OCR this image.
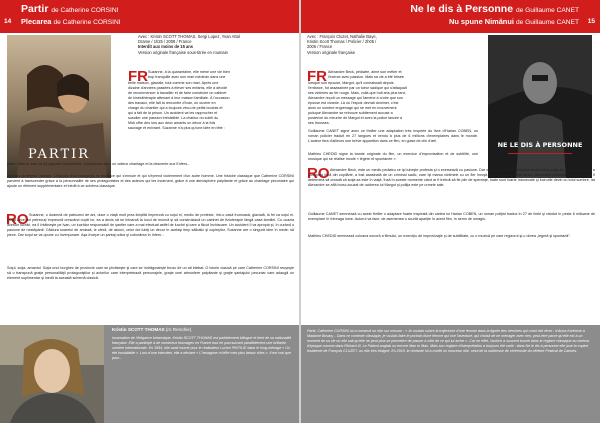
14
Partir de Catherine CORSINI
Plecarea de Catherine CORSINI
PARTIR
Avec : Kristin SCOTT THOMAS, Sergi Lopez, Yvan Attal
Drame / 1h25 / 2008 / France
Interdit aux moins de 15 ans
Version originale française sous-titrée en roumain
FR Suzanne, à la quarantaine, elle mène une vie bien
trop tranquille avec son mari médecin dans une
belle maison, glaciale, tout comme son mari. Après une
dizaine d'années passées à élever ses enfants, elle a décidé
de recommencer à travailler et de faire construire un cabinet
de kinésithérapie attenant à leur maison familiale. À l'occasion
des travaux, elle fait la rencontre d'Ivan, un ouvrier en
charge du chantier qui a toujours vécu de petits boulots et
qui a fait de la prison. Un accident va les rapprocher et
susciter une passion irrésistible. La chaleur du soleil du
Midi offre des lors aux deux amants un décor à la fois
sauvage et enivrant. Suzanne n'a plus qu'une idée en tête :
partir. Mais le mari va s'y opposer férocement. Commence alors un odieux chantage et la descente aux Enfers...
Le mari, la femme, l'amant. L'épouse d'un bourgeois de province qui s'ennuie et qui s'éprend violemment d'un autre homme. Une histoire classique que Catherine CORSINI parvient à transcender grâce à la personnalité de ses protagonistes et des acteurs qui les incarnent, grâce à une atmosphère palpitante et grâce au chantage pécuniaire qui ajoute un élément supplémentaire et inédit à ce schéma classique.
RO Suzanne, o doamnă de patruzeci de ani, duce o viaţă mult prea liniştită împreună cu soţul ei, medic de profesie, într-o casă frumoasă, glacială, la fel ca soţul ei. După zece ani petrecuţi împreună crescând copiii lor, ea a decis să se întoarcă la locul de muncă şi să construiască un cabinet de fizioterapie lângă casa familiei. Cu ocazia acestor lucrări, ea îl întâlneşte pe Ivan, un lucrător responsabil de şantier care a mai efectuat astfel de lucrări şi care a făcut închisoare. Un accident îi va apropia şi, în curând o pasiune de nestăpânit. Căldura soarelui de amiază, le oferă, de atunci, celor doi iubiţi un decor în acelaşi timp sălbatic şi copleşitor. Suzanne are o singură idee în minte: să plece. Dar soţul se va opune cu înverşunare. Aşa începe un şantaj odios şi coborârea în Infern...
Soţul, soţia, amantul. Soţia unui burghez de provincie care se plictiseşte şi care se îndrăgosteşte brusc de un alt bărbat. O istorie clasică pe care Catherine CORSINI reuşeşte să o transpună graţie personalităţii protagoniştilor şi actorilor care interpretează personajele, graţie unei atmosfere palpitante şi graţie şantajului pecuniar care adaugă un element suplimentar şi inedit la această schemă clasică.
Kristin SCOTT THOMAS (ro Renohie)
Incarnation de l'élégance britannique, Kristin SCOTT THOMAS est parfaitement bilingue et tient de sa nationalité française. Elle a participé à de nombreux tournages en France tout en poursuivant parallèlement une brillante carrière internationale. En 1994, elle avait tourné pour le réalisateur Lucien PINTILIE dans le long-métrage « Un été inoubliable ». Lors d'une interview, elle a déclaré « L'hexagone m'offre mes plus beaux rôles ». Il est vrai que pour...
15
Ne le dis à Personne de Guillaume CANET
Nu spune Nimănui de Guillaume CANET
Avec : François Cluzet, Nathalie Baye,
Kristin Scott Thomas / Policier / 2h05 /
2006 / France
Version originale française
NE LE DIS À PERSONNE
FR Alexandre Beck, pédiatre, aime son métier et
l'exerce avec passion. Mais sa vie a été brisée
lorsque son épouse, Margot, qu'il connaissait depuis
l'enfance, fut assassinée par un tueur sadique qui s'attaquait
ses victimes au fer rouge. Mais, voilà que huit ans plus tard,
Alexandre reçoit un message qui l'amène à croire que son
épouse est vivante. Là où l'espoir devrait dominer, c'est
alors un sombre engrenage qui se met en mouvement
puisque Alexandre se retrouve subitement accusé a
postériori du meurtre de Margot et avec la police lancée à
ses trousses.
Guillaume CANET signe avec ce thriller une adaptation très inspirée du livre d'Harlan COBEN, un roman policier traduit en 27 langues et vendu à plus de 6 millions d'exemplaires dans le monde. L'auteur fera d'ailleurs une brève apparition dans ce film, en guise de clin d'œil.
Mathieu CHEDID signe la bande originale du film, un exercice d'improvisation et de subtilité, une musique qui se réalise moulé « légère et spontanée ».
RO Alexandre Beck, este un medic pediatru ce işi iubeşte profesia şi o exersează cu pasiune. Dar viaţa sa a fost zdruncinată atunci când soţia sa, Margot, pe care o cunoştea încă din copilărie, a fost asasinată de un criminal sadic, care îşi marca victimele cu un fier înroşit. Iată că, opt ani mai târziu, Alexandre primeşte un mesaj care îl determină să creadă că soţia sa este în viaţă. Însă în aceste momente când ar fi trebuit să fie plin de speranţe, toate sunt foarte întunecate şi lucrurile devin cu totul sumbre, iar Alexandre se află brusc acuzat de uciderea lui Margot şi poliţia este pe urmele sale.
Guillaume CANET semnează cu acest thriller o adaptare foarte inspirată din cartea lui Harlan COBEN, un roman poliţist tradus în 27 de limbi şi vândut în peste 6 milioane de exemplare în întreaga lume. Autorul va face, de asemenea o scurtă apariţie în acest film, în semn de omagiu.
Mathieu CHEDID semnează coloana sonoră a filmului, un exerciţiu de improvizaţie şi de subtilitate, cu o muzică pe care regizorul şi-o dorea „legeră şi spontană”.
Partir, Catherine CORSINI lui a construit un rôle sur mesure : « Je voulais suivre la trajectoire d'une femme dans la lignée des héroïnes qui m'ont fait rêver : d'Anna Karénine à Madame Bovary... Dans ce contexte classique, je voulais faire le portrait d'une femme qui ose l'aventure, qui choisit de ne ménager avec rien, peut-être parce qu'elle est à un moment de sa vie où elle sait qu'elle ne peut plus se permettre de passer à côté de ce qui lui arrive ». Car en effet, l'actrice a souvent tourné dans le registre classique au cinéma d'époque comme dans Richard III, Le Patient anglais ou encore Man to Man. Mais son registre d'interprétation a toujours été varié : dans Ne le dis à personne elle joue la copine lesbienne de François CLUZET, un rôle très éloigné. En 2010, le cinéaste lui a confié un nouveau rôle, celui de la maîtresse de cérémonie du célèbre Festival de Cannes.
